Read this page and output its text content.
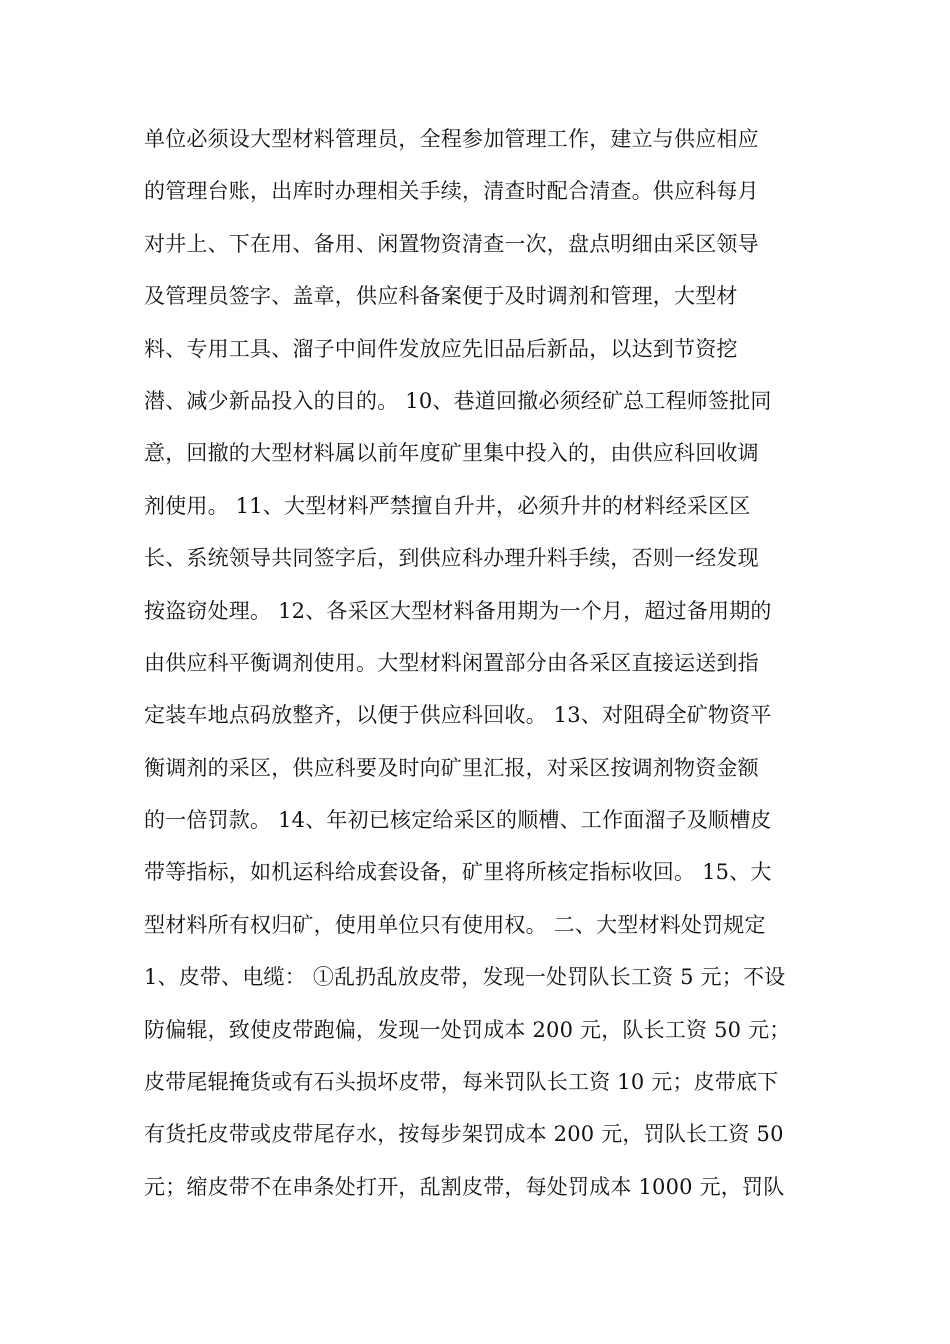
单位必须设大型材料管理员，全程参加管理工作，建立与供应相应
的管理台账，出库时办理相关手续，清查时配合清查。供应科每月
对井上、下在用、备用、闲置物资清查一次，盘点明细由采区领导
及管理员签字、盖章，供应科备案便于及时调剂和管理，大型材
料、专用工具、溜子中间件发放应先旧品后新品，以达到节资挖
潜、减少新品投入的目的。 10、巷道回撤必须经矿总工程师签批同
意，回撤的大型材料属以前年度矿里集中投入的，由供应科回收调
剂使用。 11、大型材料严禁擅自升井，必须升井的材料经采区区
长、系统领导共同签字后，到供应科办理升料手续，否则一经发现
按盗窃处理。 12、各采区大型材料备用期为一个月，超过备用期的
由供应科平衡调剂使用。大型材料闲置部分由各采区直接运送到指
定装车地点码放整齐，以便于供应科回收。 13、对阻碍全矿物资平
衡调剂的采区，供应科要及时向矿里汇报，对采区按调剂物资金额
的一倍罚款。 14、年初已核定给采区的顺槽、工作面溜子及顺槽皮
带等指标，如机运科给成套设备，矿里将所核定指标收回。 15、大
型材料所有权归矿，使用单位只有使用权。 二、大型材料处罚规定
1、皮带、电缆： ①乱扔乱放皮带，发现一处罚队长工资 5 元；不设
防偏辊，致使皮带跑偏，发现一处罚成本 200 元，队长工资 50 元；
皮带尾辊掩货或有石头损坏皮带，每米罚队长工资 10 元；皮带底下
有货托皮带或皮带尾存水，按每步架罚成本 200 元，罚队长工资 50
元；缩皮带不在串条处打开，乱割皮带，每处罚成本 1000 元，罚队
